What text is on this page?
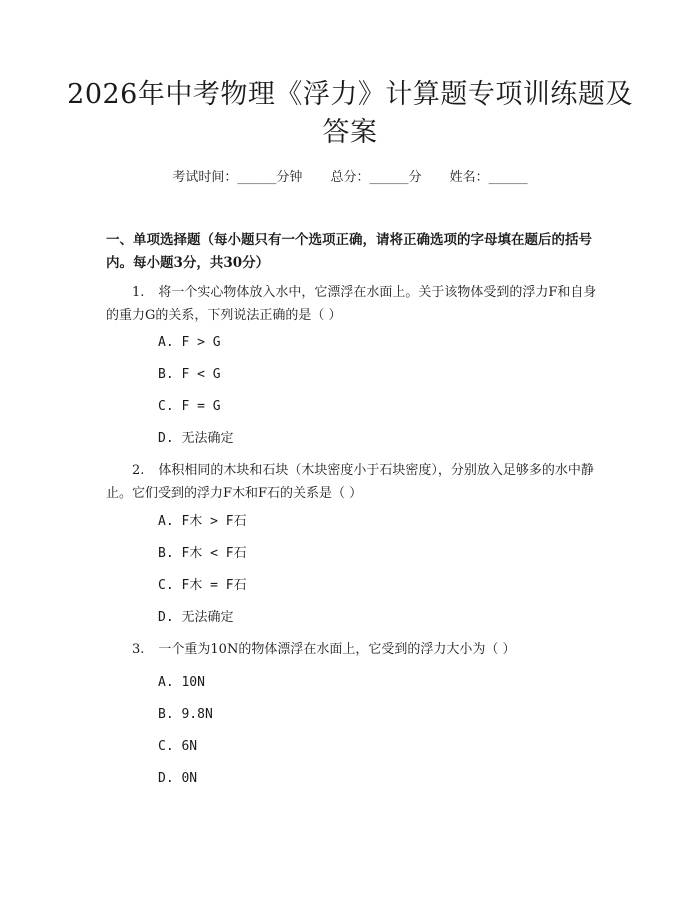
2026年中考物理《浮力》计算题专项训练题及答案
考试时间：______分钟 总分：______分 姓名：______

一、单项选择题（每小题只有一个选项正确，请将正确选项的字母填在题后的括号内。每小题3分，共30分）

1. 将一个实心物体放入水中，它漂浮在水面上。关于该物体受到的浮力F和自身的重力G的关系，下列说法正确的是（ ）

A. F > G
B. F < G
C. F = G
D. 无法确定

2. 体积相同的木块和石块（木块密度小于石块密度），分别放入足够多的水中静止。它们受到的浮力F木和F石的关系是（ ）

A. F木 > F石
B. F木 < F石
C. F木 = F石
D. 无法确定

3. 一个重为10N的物体漂浮在水面上，它受到的浮力大小为（ ）

A. 10N
B. 9.8N
C. 6N
D. 0N
